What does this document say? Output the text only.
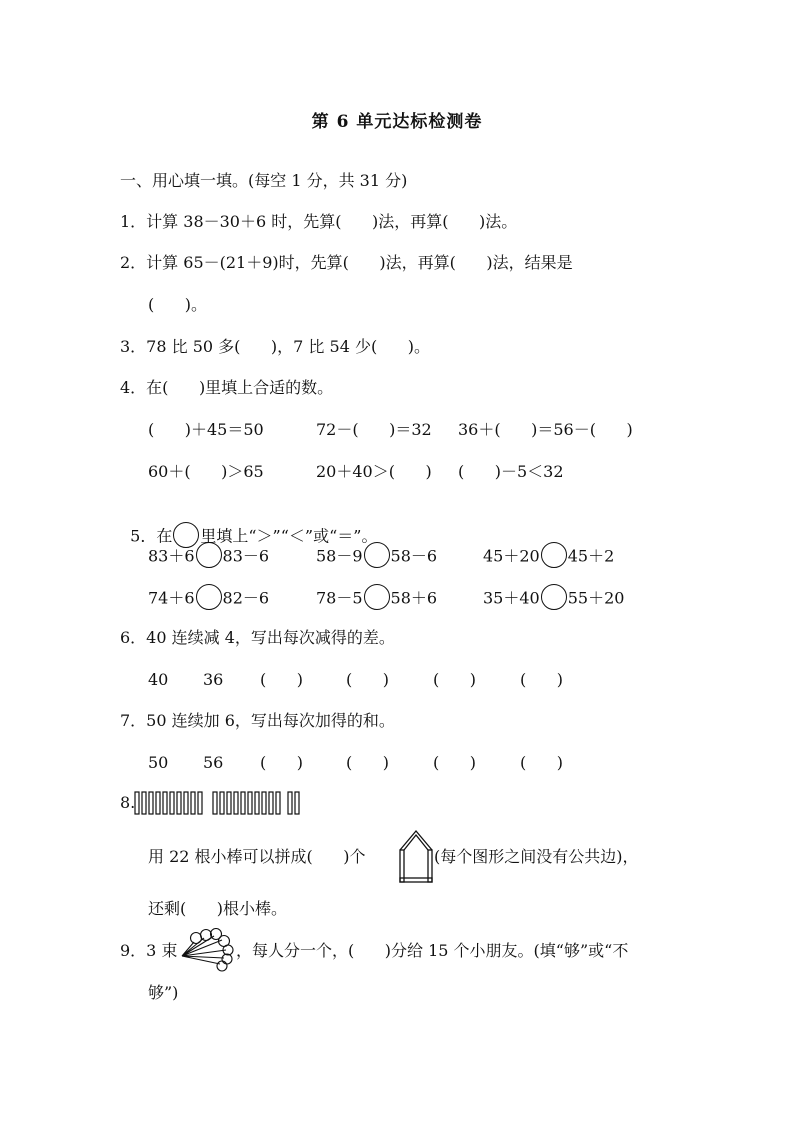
第 6 单元达标检测卷
一、用心填一填。(每空 1 分，共 31 分)
1．计算 38－30＋6 时，先算(      )法，再算(      )法。
2．计算 65－(21＋9)时，先算(      )法，再算(      )法，结果是
(      )。
3．78 比 50 多(      )，7 比 54 少(      )。
4．在(      )里填上合适的数。
(      )＋45＝50	72－(      )＝32 36＋(      )＝56－(      )
60＋(      )＞65	20＋40＞(      ) (      )－5＜32

5．在 里填上“＞”“＜”或“＝”。

83＋6 83－6	58－9 58－6	45＋20 45＋2
74＋6 82－6	78－5 58＋6	35＋40 55＋20
6．40 连续减 4，写出每次减得的差。
40 36 (      )	(      )	(      )	(      )
7．50 连续加 6，写出每次加得的和。
50 56 (      )	(      )	(      )	(      )
8.
用 22 根小棒可以拼成(      )个	(每个图形之间没有公共边)，
还剩(      )根小棒。
9．3 束	，每人分一个，(      )分给 15 个小朋友。(填“够”或“不
够”)
